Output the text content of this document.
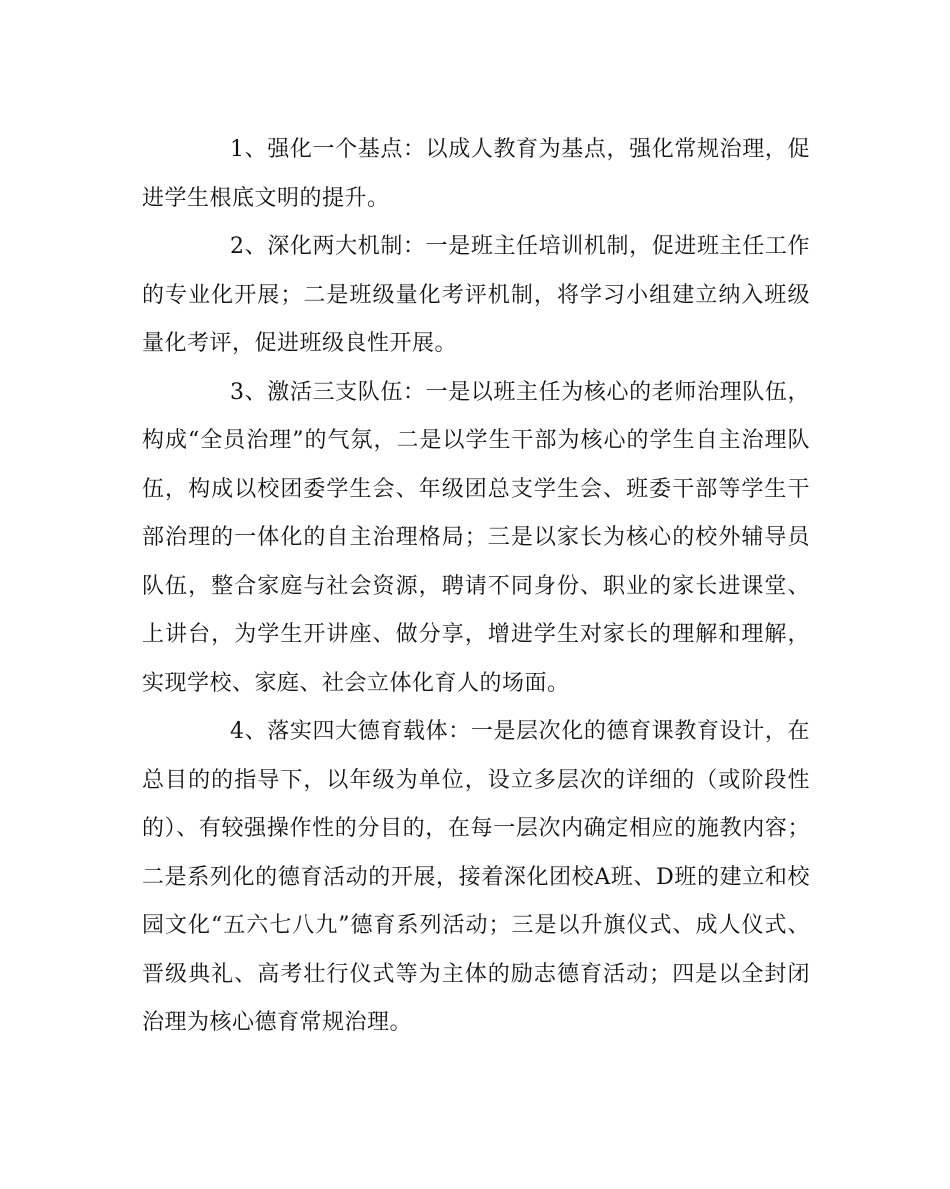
1、强化一个基点：以成人教育为基点，强化常规治理，促进学生根底文明的提升。

2、深化两大机制：一是班主任培训机制，促进班主任工作的专业化开展；二是班级量化考评机制，将学习小组建立纳入班级量化考评，促进班级良性开展。

3、激活三支队伍：一是以班主任为核心的老师治理队伍，构成“全员治理”的气氛，二是以学生干部为核心的学生自主治理队伍，构成以校团委学生会、年级团总支学生会、班委干部等学生干部治理的一体化的自主治理格局；三是以家长为核心的校外辅导员队伍，整合家庭与社会资源，聘请不同身份、职业的家长进课堂、上讲台，为学生开讲座、做分享，增进学生对家长的理解和理解，实现学校、家庭、社会立体化育人的场面。

4、落实四大德育载体：一是层次化的德育课教育设计，在总目的的指导下，以年级为单位，设立多层次的详细的（或阶段性的）、有较强操作性的分目的，在每一层次内确定相应的施教内容；二是系列化的德育活动的开展，接着深化团校A班、D班的建立和校园文化“五六七八九”德育系列活动；三是以升旗仪式、成人仪式、晋级典礼、高考壮行仪式等为主体的励志德育活动；四是以全封闭治理为核心德育常规治理。
